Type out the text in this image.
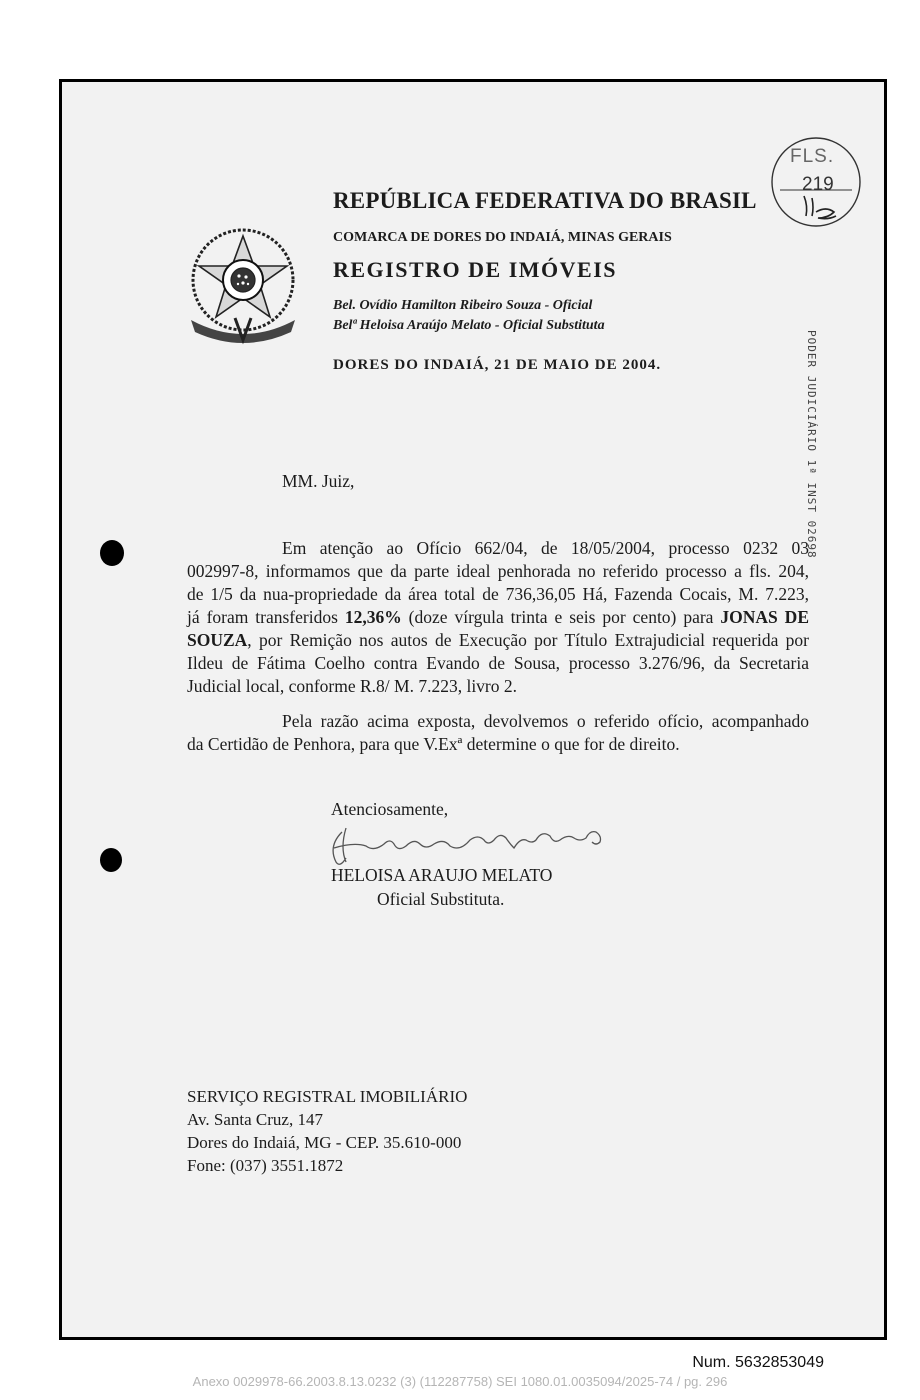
FLS.
219
REPÚBLICA FEDERATIVA DO BRASIL
COMARCA DE DORES DO INDAIÁ, MINAS GERAIS
REGISTRO DE IMÓVEIS
Bel. Ovídio Hamilton Ribeiro Souza - Oficial
Belª Heloisa Araújo Melato - Oficial Substituta
DORES DO INDAIÁ, 21 DE MAIO DE 2004.	PODER JUDICIÁRIO 1ª INST 02698
MM. Juiz,
Em atenção ao Ofício 662/04, de 18/05/2004, processo 0232 03
002997-8, informamos que da parte ideal penhorada no referido processo a fls. 204,
de 1/5 da nua-propriedade da área total de 736,36,05 Há, Fazenda Cocais, M. 7.223,
já foram transferidos 12,36% (doze vírgula trinta e seis por cento) para JONAS DE
SOUZA, por Remição nos autos de Execução por Título Extrajudicial requerida por
Ildeu de Fátima Coelho contra Evando de Sousa, processo 3.276/96, da Secretaria
Judicial local, conforme R.8/ M. 7.223, livro 2.
Pela razão acima exposta, devolvemos o referido ofício, acompanhado
da Certidão de Penhora, para que V.Exª determine o que for de direito.
Atenciosamente,
HELOISA ARAUJO MELATO
Oficial Substituta.
SERVIÇO REGISTRAL IMOBILIÁRIO
Av. Santa Cruz, 147
Dores do Indaiá, MG - CEP. 35.610-000
Fone: (037) 3551.1872
Num. 5632853049
Anexo 0029978-66.2003.8.13.0232 (3) (112287758) SEI 1080.01.0035094/2025-74 / pg. 296
